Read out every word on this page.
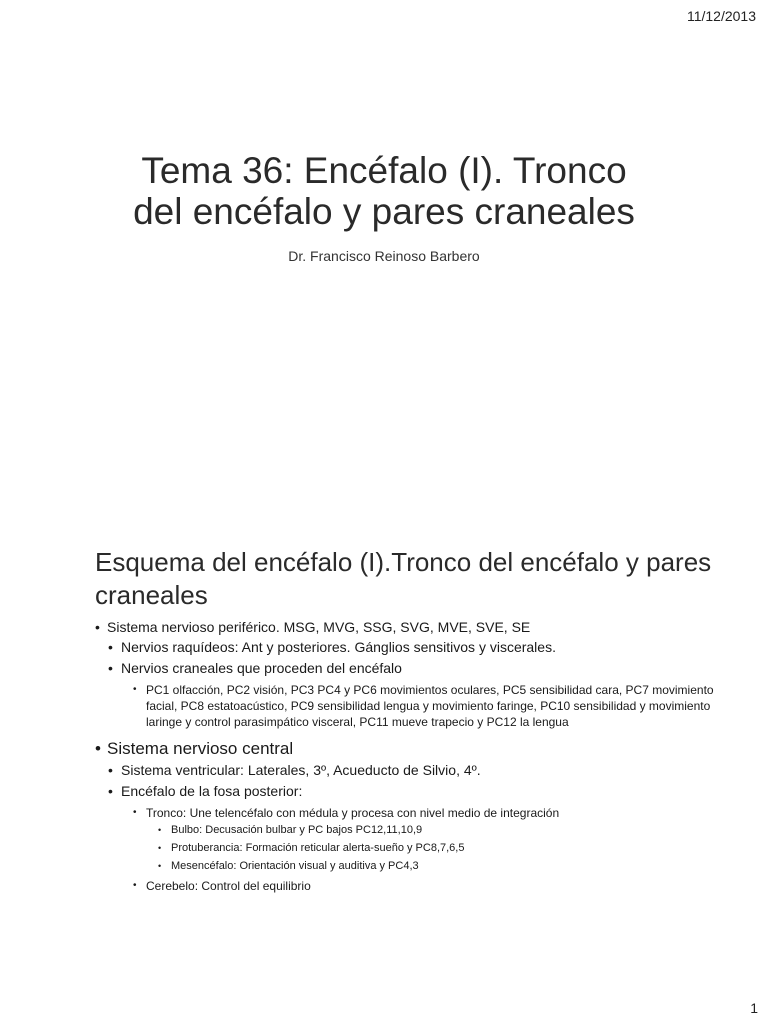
11/12/2013
Tema 36: Encéfalo (I). Tronco del encéfalo y pares craneales
Dr. Francisco Reinoso Barbero
Esquema del encéfalo (I).Tronco del encéfalo y pares craneales
• Sistema nervioso periférico. MSG, MVG, SSG, SVG, MVE, SVE, SE
• Nervios raquídeos: Ant y posteriores. Gánglios sensitivos y viscerales.
• Nervios craneales que proceden del encéfalo
• PC1 olfacción, PC2 visión, PC3 PC4 y PC6 movimientos oculares, PC5 sensibilidad cara, PC7 movimiento facial, PC8 estatoacústico, PC9 sensibilidad lengua y movimiento faringe, PC10 sensibilidad y movimiento laringe y control parasimpático visceral, PC11 mueve trapecio y PC12 la lengua
• Sistema nervioso central
• Sistema ventricular: Laterales, 3º, Acueducto de Silvio, 4º.
• Encéfalo de la fosa posterior:
• Tronco: Une telencéfalo con médula y procesa con nivel medio de integración
• Bulbo: Decusación bulbar y PC bajos PC12,11,10,9
• Protuberancia: Formación reticular alerta-sueño y PC8,7,6,5
• Mesencéfalo: Orientación visual y auditiva y PC4,3
• Cerebelo: Control del equilibrio
1
